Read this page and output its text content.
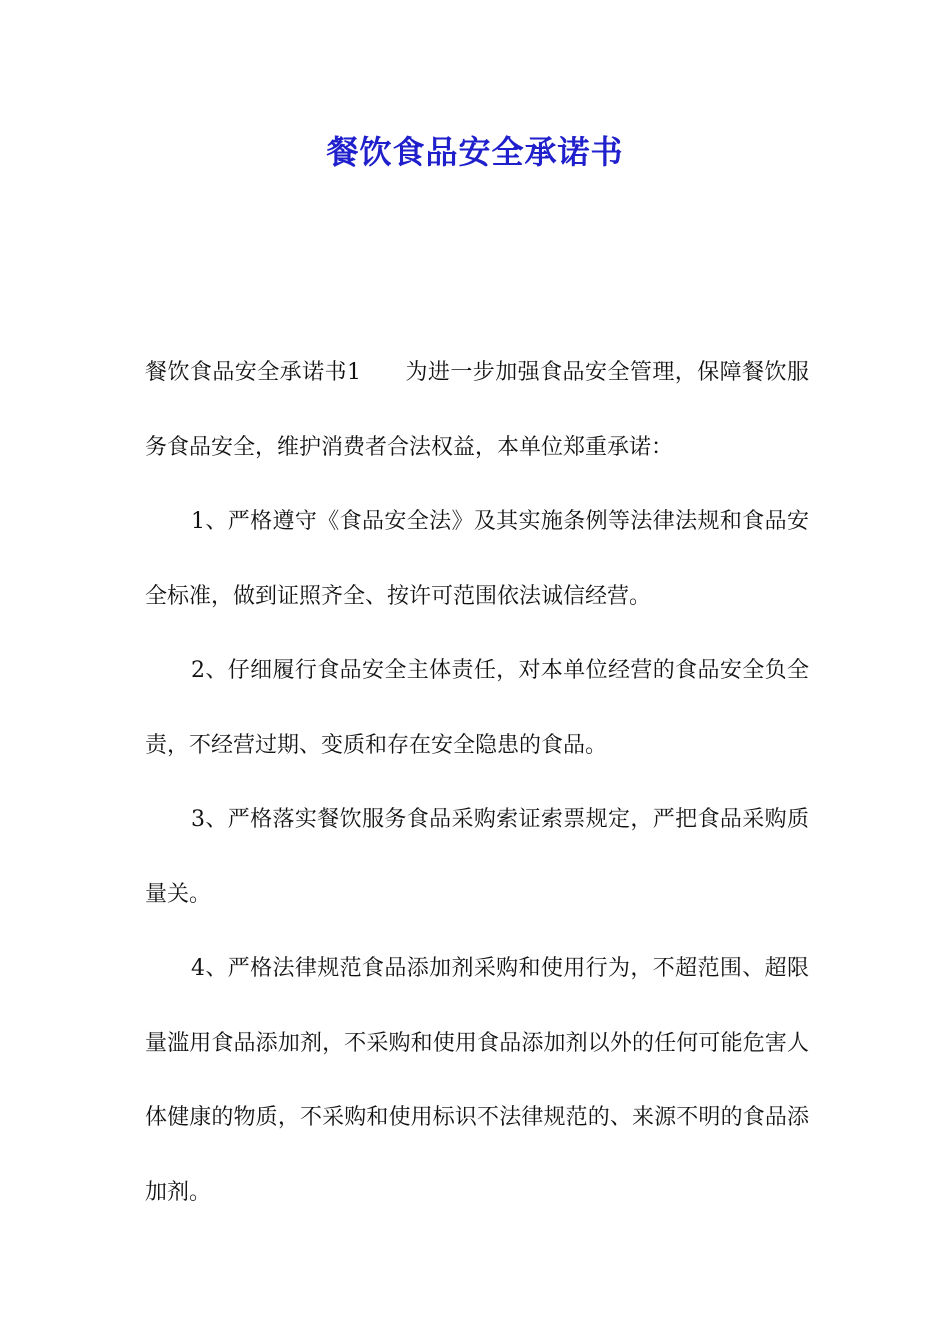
餐饮食品安全承诺书

餐饮食品安全承诺书1 为进一步加强食品安全管理，保障餐饮服务食品安全，维护消费者合法权益，本单位郑重承诺：

1、严格遵守《食品安全法》及其实施条例等法律法规和食品安全标准，做到证照齐全、按许可范围依法诚信经营。

2、仔细履行食品安全主体责任，对本单位经营的食品安全负全责，不经营过期、变质和存在安全隐患的食品。

3、严格落实餐饮服务食品采购索证索票规定，严把食品采购质量关。

4、严格法律规范食品添加剂采购和使用行为，不超范围、超限量滥用食品添加剂，不采购和使用食品添加剂以外的任何可能危害人体健康的物质，不采购和使用标识不法律规范的、来源不明的食品添加剂。
